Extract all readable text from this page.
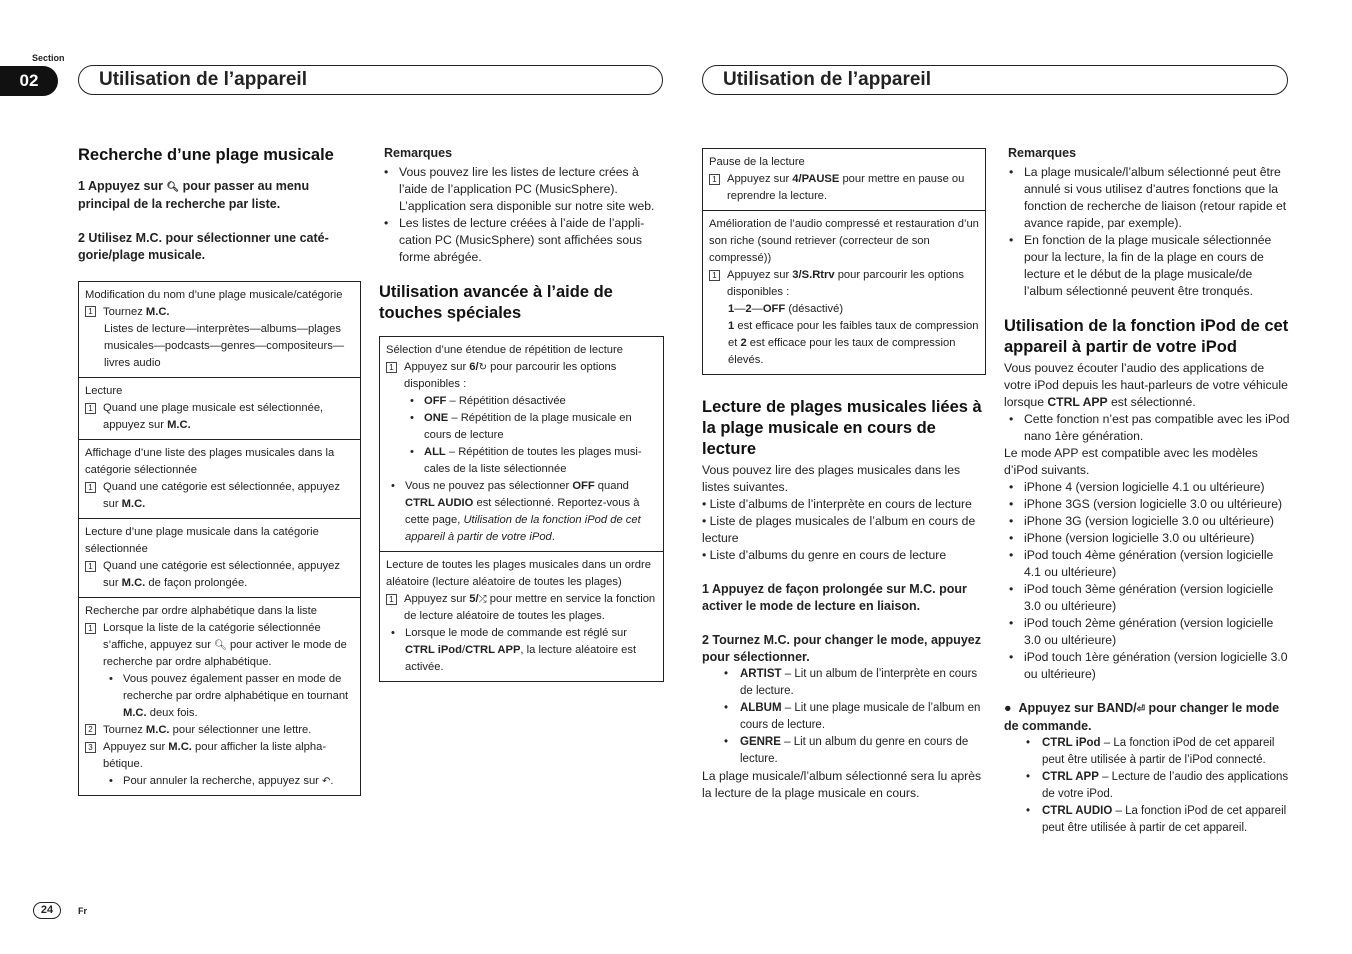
Section
02	Utilisation de l’appareil	Utilisation de l’appareil
Recherche d’une plage musicale
1 Appuyez sur 🔍︎ pour passer au menu principal de la recherche par liste.
2 Utilisez M.C. pour sélectionner une catégorie/plage musicale.
Modification du nom d’une plage musicale/catégorie
1 Tournez M.C.
Listes de lecture—interprètes—albums—plages musicales—podcasts—genres—compositeurs—livres audio
Lecture
1 Quand une plage musicale est sélectionnée, appuyez sur M.C.
Affichage d’une liste des plages musicales dans la catégorie sélectionnée
1 Quand une catégorie est sélectionnée, appuyez sur M.C.
Lecture d’une plage musicale dans la catégorie sélectionnée
1 Quand une catégorie est sélectionnée, appuyez sur M.C. de façon prolongée.
Recherche par ordre alphabétique dans la liste
1 Lorsque la liste de la catégorie sélectionnée s’affiche, appuyez sur 🔍︎ pour activer le mode de recherche par ordre alphabétique.
• Vous pouvez également passer en mode de recherche par ordre alphabétique en tournant M.C. deux fois.
2 Tournez M.C. pour sélectionner une lettre.
3 Appuyez sur M.C. pour afficher la liste alphabétique.
• Pour annuler la recherche, appuyez sur ↶.
Remarques
• Vous pouvez lire les listes de lecture crées à l’aide de l’application PC (MusicSphere). L’application sera disponible sur notre site web.
• Les listes de lecture créées à l’aide de l’application PC (MusicSphere) sont affichées sous forme abrégée.
Utilisation avancée à l’aide de touches spéciales
Sélection d’une étendue de répétition de lecture
1 Appuyez sur 6/↻ pour parcourir les options disponibles :
• OFF – Répétition désactivée
• ONE – Répétition de la plage musicale en cours de lecture
• ALL – Répétition de toutes les plages musicales de la liste sélectionnée
• Vous ne pouvez pas sélectionner OFF quand CTRL AUDIO est sélectionné. Reportez-vous à cette page, Utilisation de la fonction iPod de cet appareil à partir de votre iPod.
Lecture de toutes les plages musicales dans un ordre aléatoire (lecture aléatoire de toutes les plages)
1 Appuyez sur 5/⤮ pour mettre en service la fonction de lecture aléatoire de toutes les plages.
• Lorsque le mode de commande est réglé sur CTRL iPod/CTRL APP, la lecture aléatoire est activée.
Pause de la lecture
1 Appuyez sur 4/PAUSE pour mettre en pause ou reprendre la lecture.
Amélioration de l’audio compressé et restauration d’un son riche (sound retriever (correcteur de son compressé))
1 Appuyez sur 3/S.Rtrv pour parcourir les options disponibles :
1—2—OFF (désactivé)
1 est efficace pour les faibles taux de compression et 2 est efficace pour les taux de compression élevés.
Lecture de plages musicales liées à la plage musicale en cours de lecture
Vous pouvez lire des plages musicales dans les listes suivantes.
• Liste d’albums de l’interprète en cours de lecture
• Liste de plages musicales de l’album en cours de lecture
• Liste d’albums du genre en cours de lecture
1 Appuyez de façon prolongée sur M.C. pour activer le mode de lecture en liaison.
2 Tournez M.C. pour changer le mode, appuyez pour sélectionner.
• ARTIST – Lit un album de l’interprète en cours de lecture.
• ALBUM – Lit une plage musicale de l’album en cours de lecture.
• GENRE – Lit un album du genre en cours de lecture.
La plage musicale/l’album sélectionné sera lu après la lecture de la plage musicale en cours.
Remarques
• La plage musicale/l’album sélectionné peut être annulé si vous utilisez d’autres fonctions que la fonction de recherche de liaison (retour rapide et avance rapide, par exemple).
• En fonction de la plage musicale sélectionnée pour la lecture, la fin de la plage en cours de lecture et le début de la plage musicale/de l’album sélectionné peuvent être tronqués.
Utilisation de la fonction iPod de cet appareil à partir de votre iPod
Vous pouvez écouter l’audio des applications de votre iPod depuis les haut-parleurs de votre véhicule lorsque CTRL APP est sélectionné.
• Cette fonction n’est pas compatible avec les iPod nano 1ère génération.
Le mode APP est compatible avec les modèles d’iPod suivants.
• iPhone 4 (version logicielle 4.1 ou ultérieure)
• iPhone 3GS (version logicielle 3.0 ou ultérieure)
• iPhone 3G (version logicielle 3.0 ou ultérieure)
• iPhone (version logicielle 3.0 ou ultérieure)
• iPod touch 4ème génération (version logicielle 4.1 ou ultérieure)
• iPod touch 3ème génération (version logicielle 3.0 ou ultérieure)
• iPod touch 2ème génération (version logicielle 3.0 ou ultérieure)
• iPod touch 1ère génération (version logicielle 3.0 ou ultérieure)
●  Appuyez sur BAND/⏎ pour changer le mode de commande.
• CTRL iPod – La fonction iPod de cet appareil peut être utilisée à partir de l’iPod connecté.
• CTRL APP – Lecture de l’audio des applications de votre iPod.
• CTRL AUDIO – La fonction iPod de cet appareil peut être utilisée à partir de cet appareil.
24	Fr
